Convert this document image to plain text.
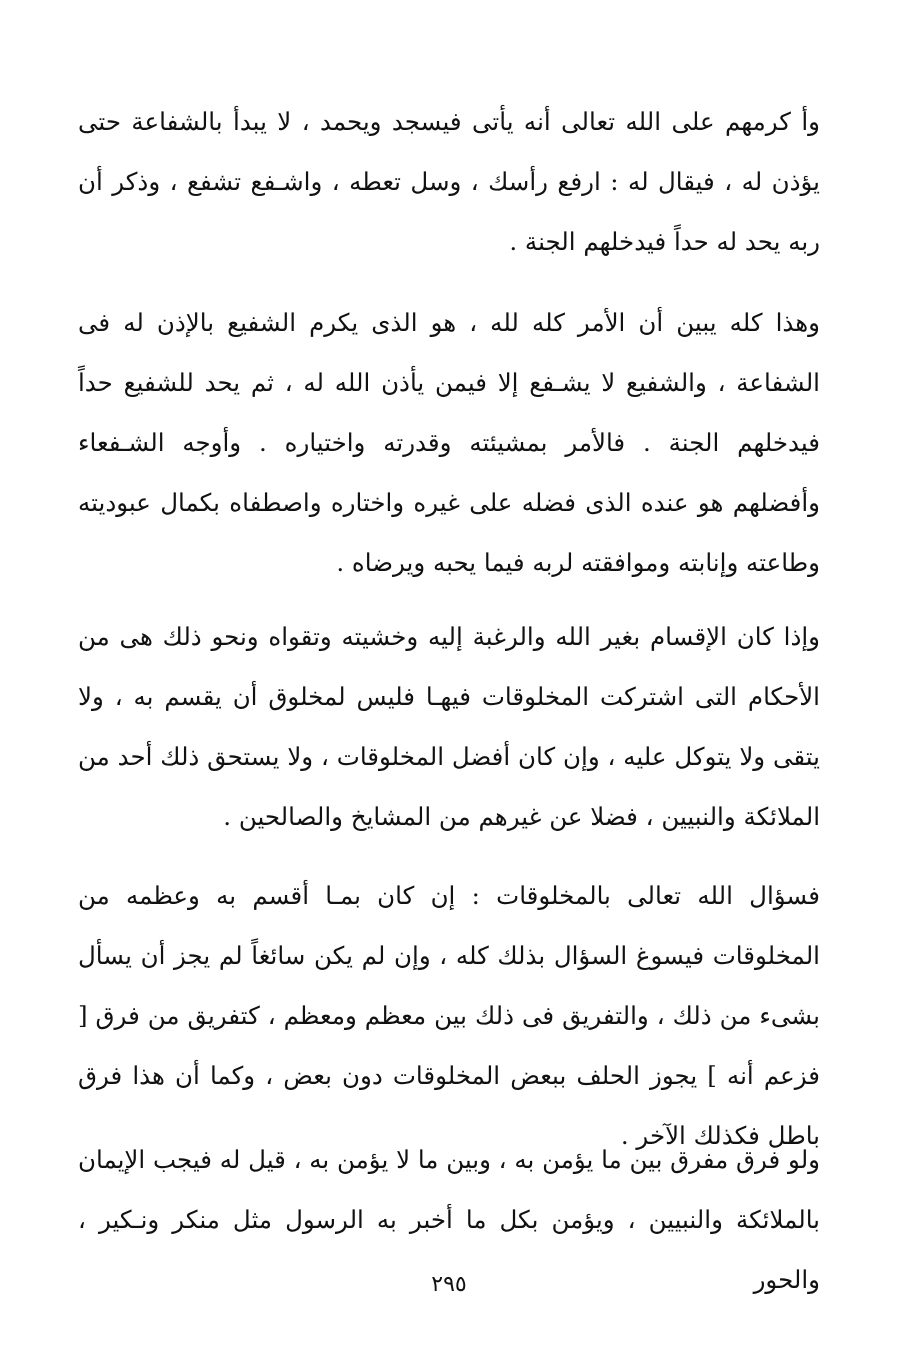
وأ كرمهم على الله تعالى أنه يأتى فيسجد ويحمد ، لا يبدأ بالشفاعة حتى يؤذن له ، فيقال له : ارفع رأسك ، وسل تعطه ، واشـفع تشفع ، وذكر أن ربه يحد له حداً فيدخلهم الجنة .

وهذا كله يبين أن الأمر كله لله ، هو الذى يكرم الشفيع بالإذن له فى الشفاعة ، والشفيع لا يشـفع إلا فيمن يأذن الله له ، ثم يحد للشفيع حداً فيدخلهم الجنة . فالأمر بمشيئته وقدرته واختياره . وأوجه الشـفعاء وأفضلهم هو عنده الذى فضله على غيره واختاره واصطفاه بكمال عبوديته وطاعته وإنابته وموافقته لربه فيما يحبه ويرضاه .

وإذا كان الإقسام بغير الله والرغبة إليه وخشيته وتقواه ونحو ذلك هى من الأحكام التى اشتركت المخلوقات فيهـا فليس لمخلوق أن يقسم به ، ولا يتقى ولا يتوكل عليه ، وإن كان أفضل المخلوقات ، ولا يستحق ذلك أحد من الملائكة والنبيين ، فضلا عن غيرهم من المشايخ والصالحين .

فسؤال الله تعالى بالمخلوقات : إن كان بمـا أقسم به وعظمه من المخلوقات فيسوغ السؤال بذلك كله ، وإن لم يكن سائغاً لم يجز أن يسأل بشىء من ذلك ، والتفريق فى ذلك بين معظم ومعظم ، كتفريق من فرق [ فزعم أنه ] يجوز الحلف ببعض المخلوقات دون بعض ، وكما أن هذا فرق باطل فكذلك الآخر .

ولو فرق مفرق بين ما يؤمن به ، وبين ما لا يؤمن به ، قيل له فيجب الإيمان بالملائكة والنبيين ، ويؤمن بكل ما أخبر به الرسول مثل منكر ونـكير ، والحور

٢٩٥
